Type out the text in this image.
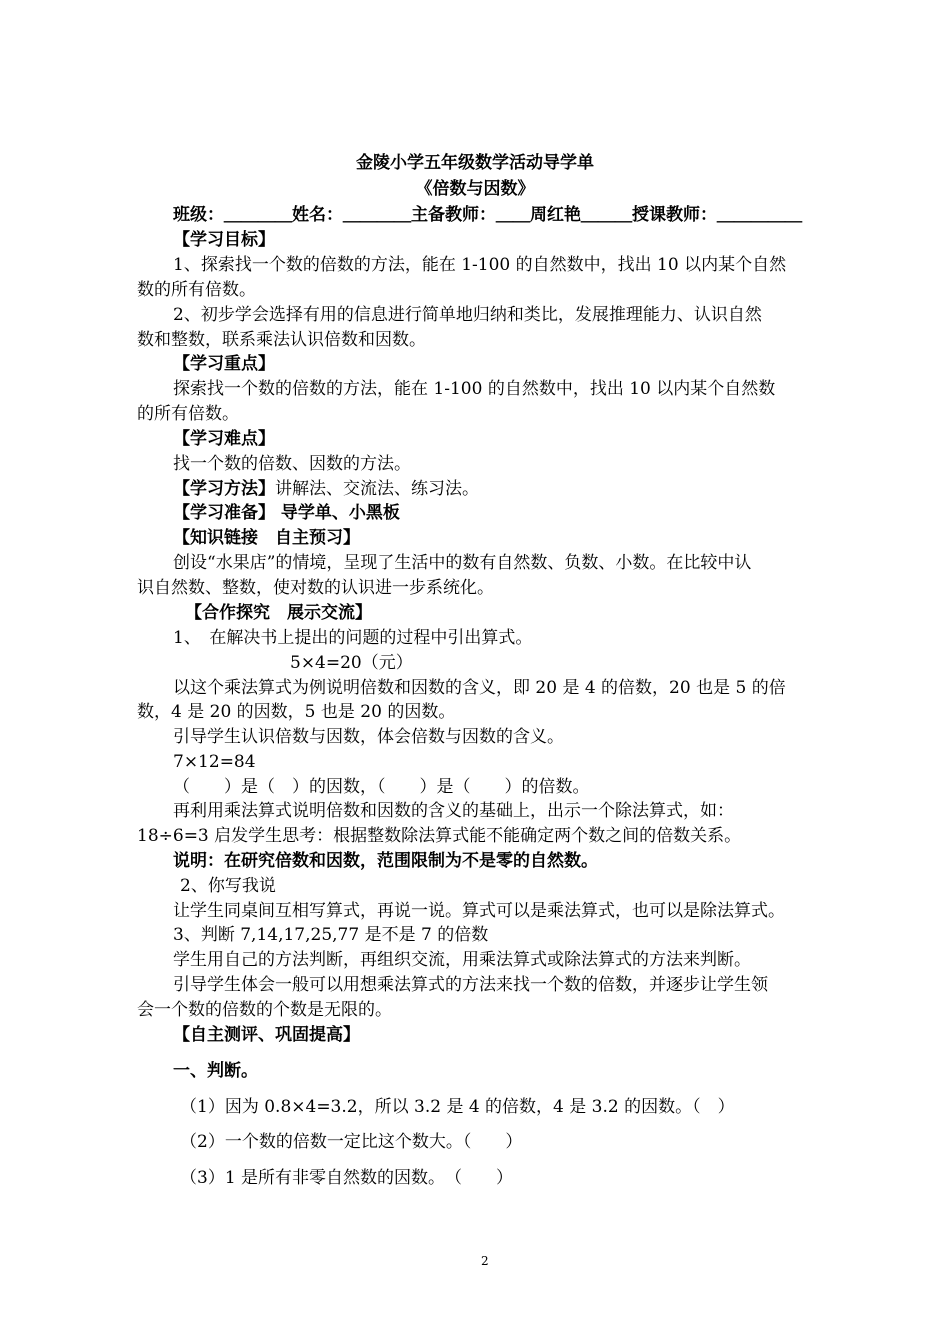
金陵小学五年级数学活动导学单
《倍数与因数》
班级：＿＿＿＿姓名：＿＿＿＿主备教师：＿＿周红艳＿＿＿授课教师：＿＿＿＿＿
【学习目标】
1、探索找一个数的倍数的方法，能在 1-100 的自然数中，找出 10 以内某个自然
数的所有倍数。
2、初步学会选择有用的信息进行简单地归纳和类比，发展推理能力、认识自然
数和整数，联系乘法认识倍数和因数。
【学习重点】
探索找一个数的倍数的方法，能在 1-100 的自然数中，找出 10 以内某个自然数
的所有倍数。
【学习难点】
找一个数的倍数、因数的方法。
【学习方法】讲解法、交流法、练习法。
【学习准备】 导学单、小黑板
【知识链接　自主预习】
创设“水果店”的情境，呈现了生活中的数有自然数、负数、小数。在比较中认
识自然数、整数，使对数的认识进一步系统化。
【合作探究　展示交流】
1、　在解决书上提出的问题的过程中引出算式。
5×4=20（元）
以这个乘法算式为例说明倍数和因数的含义，即 20 是 4 的倍数，20 也是 5 的倍
数，4 是 20 的因数，5 也是 20 的因数。
引导学生认识倍数与因数，体会倍数与因数的含义。
7×12=84
（　　）是（　）的因数，（　　）是（　　）的倍数。
再利用乘法算式说明倍数和因数的含义的基础上，出示一个除法算式，如：
18÷6=3 启发学生思考：根据整数除法算式能不能确定两个数之间的倍数关系。
说明：在研究倍数和因数，范围限制为不是零的自然数。
2、你写我说
让学生同桌间互相写算式，再说一说。算式可以是乘法算式，也可以是除法算式。
3、判断 7,14,17,25,77 是不是 7 的倍数
学生用自己的方法判断，再组织交流，用乘法算式或除法算式的方法来判断。
引导学生体会一般可以用想乘法算式的方法来找一个数的倍数，并逐步让学生领
会一个数的倍数的个数是无限的。
【自主测评、巩固提高】
一、判断。
（1）因为 0.8×4=3.2，所以 3.2 是 4 的倍数，4 是 3.2 的因数。（　）
（2）一个数的倍数一定比这个数大。（　　）
（3）1 是所有非零自然数的因数。　（　　）
2
